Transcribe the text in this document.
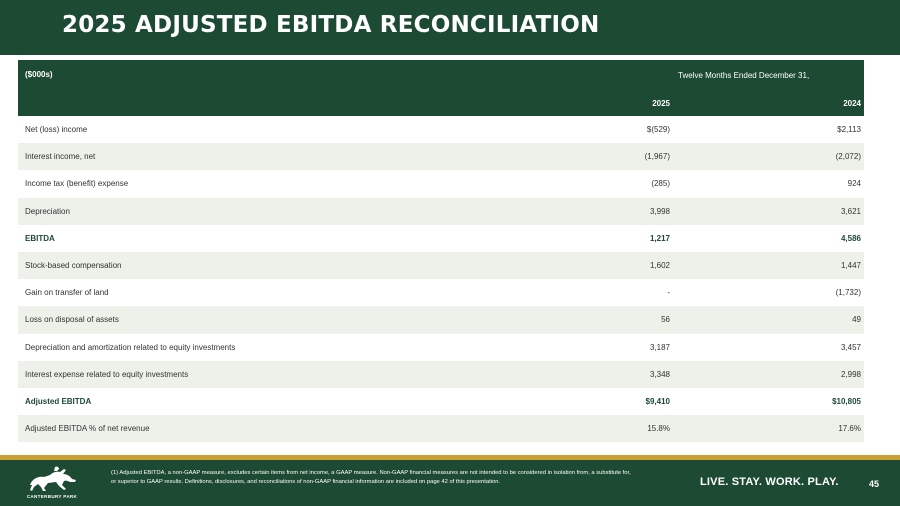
2025 ADJUSTED EBITDA RECONCILIATION
($000s)	Twelve Months Ended December 31,
2025	2024
Net (loss) income	$(529)	$2,113
Interest income, net	(1,967)	(2,072)
Income tax (benefit) expense	(285)	924
Depreciation	3,998	3,621
EBITDA	1,217	4,586
Stock-based compensation	1,602	1,447
Gain on transfer of land	-	(1,732)
Loss on disposal of assets	56	49
Depreciation and amortization related to equity investments	3,187	3,457
Interest expense related to equity investments	3,348	2,998
Adjusted EBITDA	$9,410	$10,805
Adjusted EBITDA % of net revenue	15.8%	17.6%
CANTERBURY PARK
(1) Adjusted EBITDA, a non-GAAP measure, excludes certain items from net income, a GAAP measure. Non-GAAP financial measures are not intended to be considered in isolation from, a substitute for, or superior to GAAP results. Definitions, disclosures, and reconciliations of non-GAAP financial information are included on page 42 of this presentation.	LIVE. STAY. WORK. PLAY.	45
